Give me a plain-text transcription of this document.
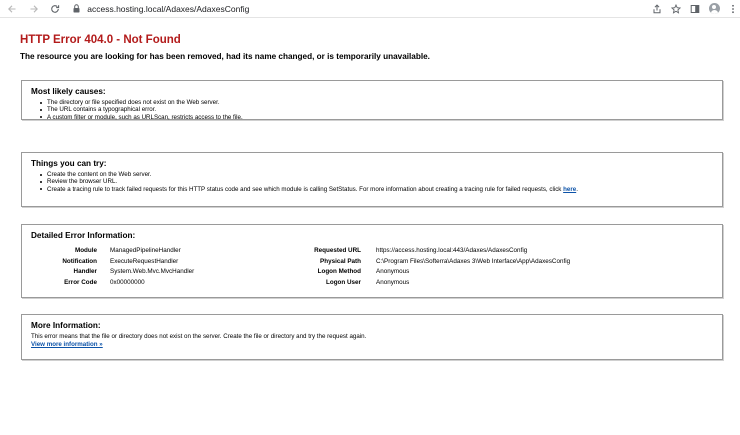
access.hosting.local/Adaxes/AdaxesConfig
HTTP Error 404.0 - Not Found
The resource you are looking for has been removed, had its name changed, or is temporarily unavailable.
Most likely causes:
The directory or file specified does not exist on the Web server.
The URL contains a typographical error.
A custom filter or module, such as URLScan, restricts access to the file.
Things you can try:
Create the content on the Web server.
Review the browser URL.
Create a tracing rule to track failed requests for this HTTP status code and see which module is calling SetStatus. For more information about creating a tracing rule for failed requests, click here.
Detailed Error Information:
Module ManagedPipelineHandler	Requested URL https://access.hosting.local:443/Adaxes/AdaxesConfig
Notification ExecuteRequestHandler	Physical Path C:\Program Files\Softerra\Adaxes 3\Web Interface\App\AdaxesConfig
Handler System.Web.Mvc.MvcHandler	Logon Method Anonymous
Error Code 0x00000000	Logon User Anonymous
More Information:
This error means that the file or directory does not exist on the server. Create the file or directory and try the request again.
View more information »
